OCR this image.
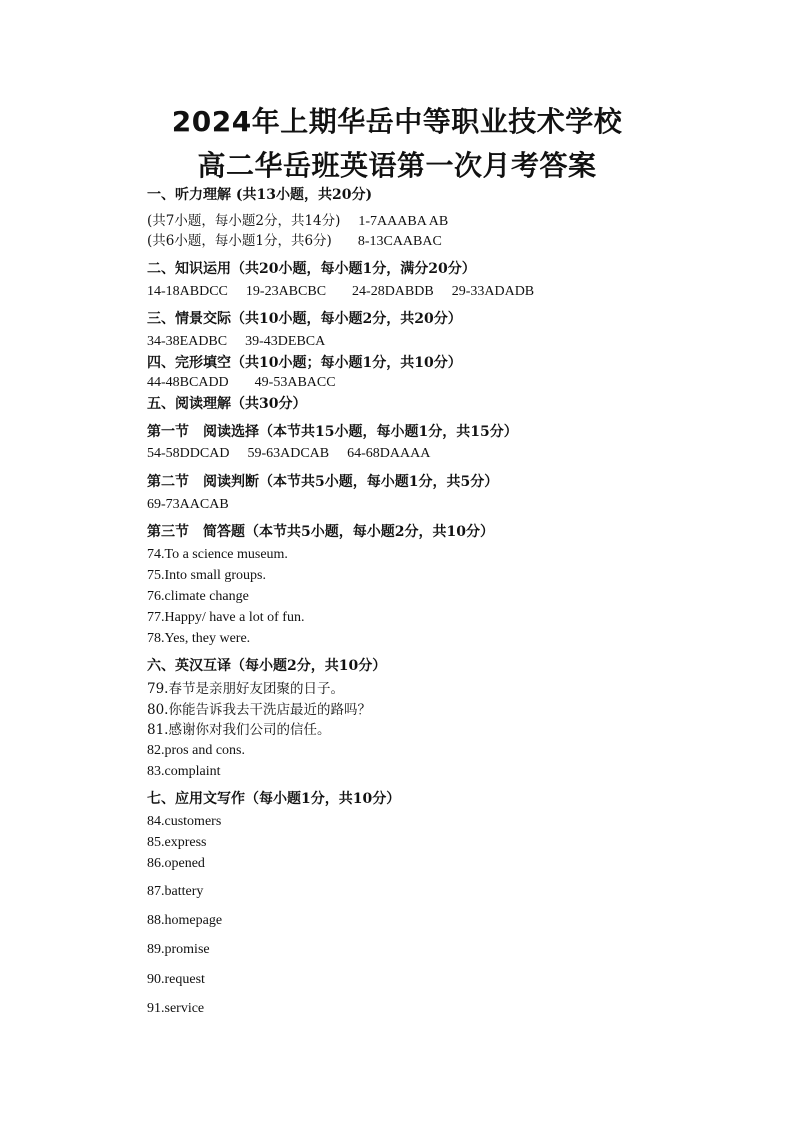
2024年上期华岳中等职业技术学校
高二华岳班英语第一次月考答案
一、听力理解 (共13小题，共20分)
(共7小题，每小题2分，共14分) 1-7AAABA AB
(共6小题，每小题1分，共6分) 8-13CAABAC
二、知识运用（共20小题，每小题1分，满分20分）
14-18ABDCC 19-23ABCBC 24-28DABDB 29-33ADADB
三、情景交际（共10小题，每小题2分，共20分）
34-38EADBC 39-43DEBCA
四、完形填空（共10小题；每小题1分，共10分）
44-48BCADD 49-53ABACC
五、阅读理解（共30分）
第一节　阅读选择（本节共15小题，每小题1分，共15分）
54-58DDCAD 59-63ADCAB 64-68DAAAA
第二节　阅读判断（本节共5小题，每小题1分，共5分）
69-73AACAB
第三节　简答题（本节共5小题，每小题2分，共10分）
74.To a science museum.
75.Into small groups.
76.climate change
77.Happy/ have a lot of fun.
78.Yes, they were.
六、英汉互译（每小题2分，共10分）
79.春节是亲朋好友团聚的日子。
80.你能告诉我去干洗店最近的路吗？
81.感谢你对我们公司的信任。
82.pros and cons.
83.complaint
七、应用文写作（每小题1分，共10分）
84.customers
85.express
86.opened
87.battery
88.homepage
89.promise
90.request
91.service
